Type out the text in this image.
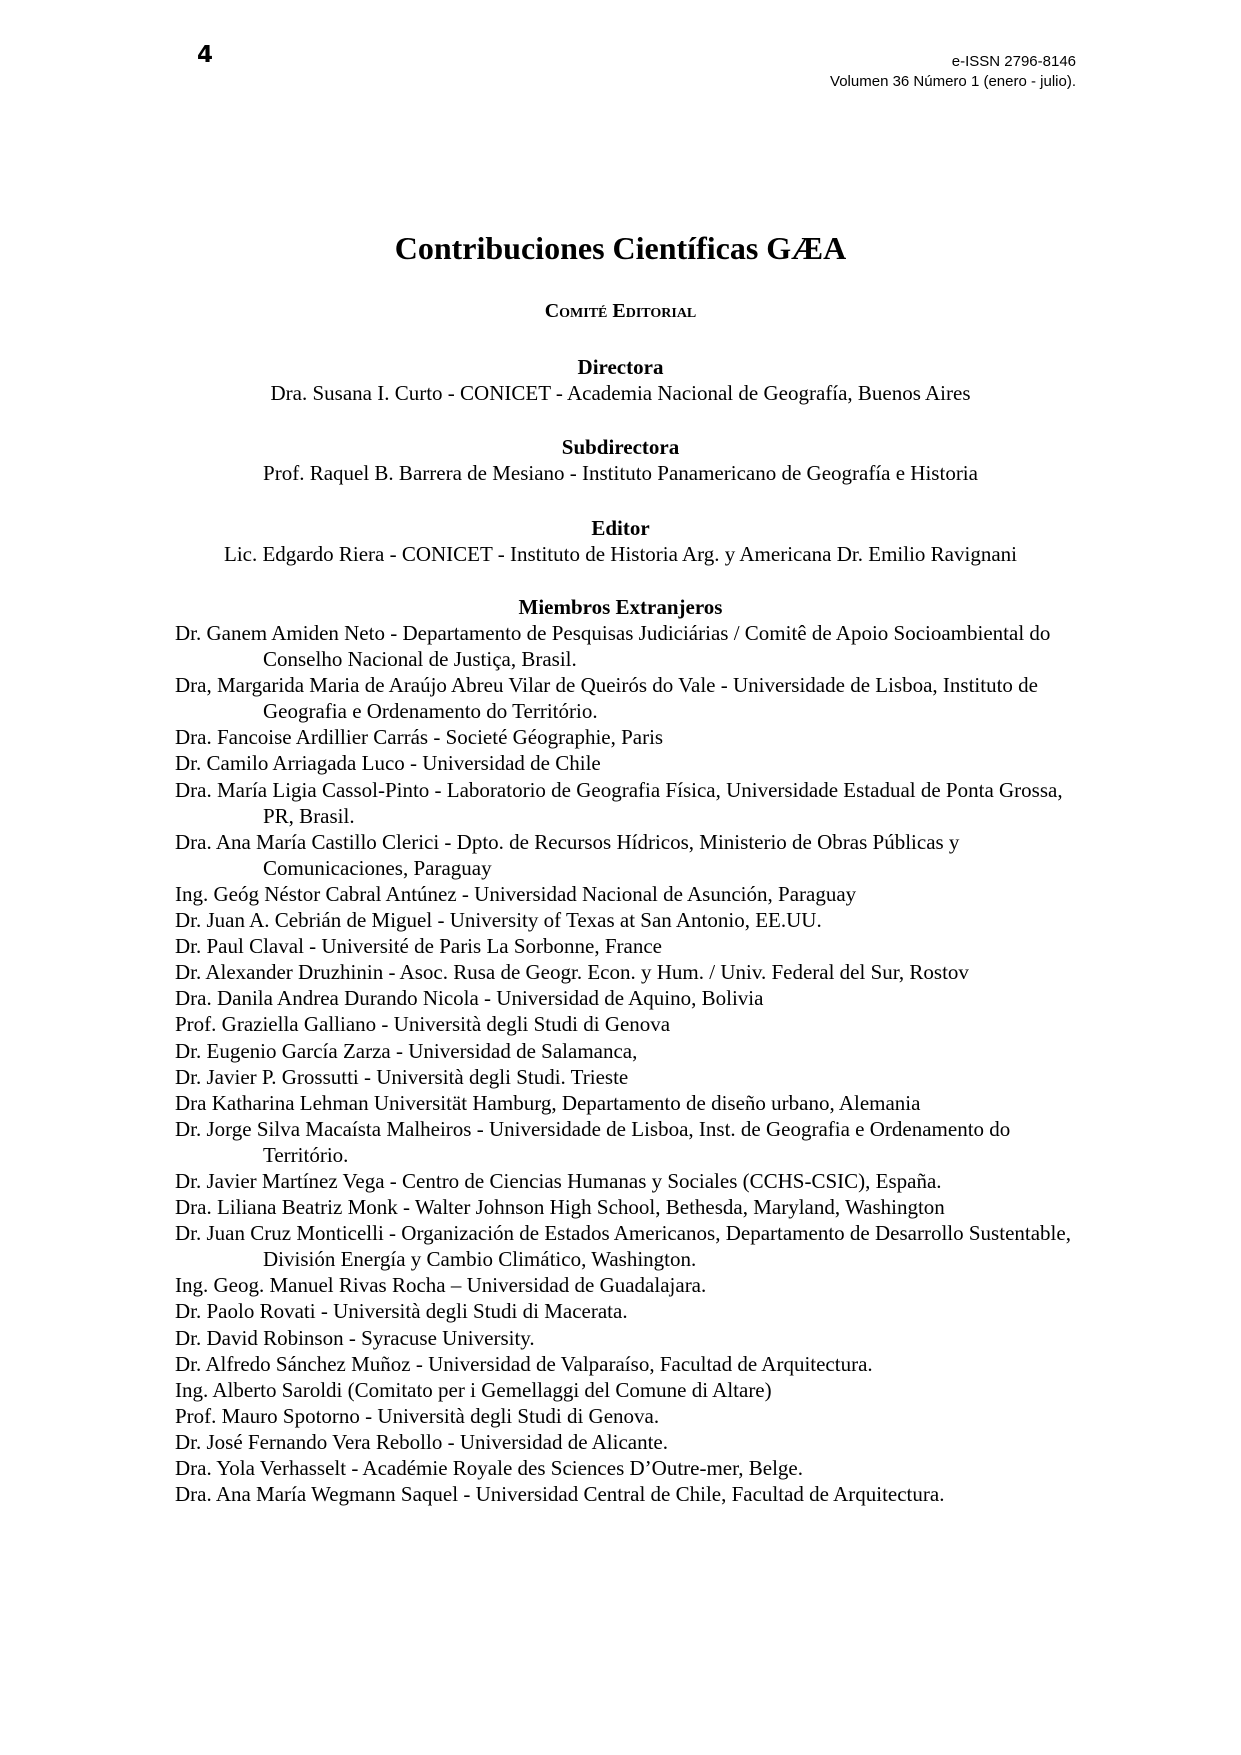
4	e-ISSN 2796-8146
Volumen 36 Número 1 (enero - julio).
Contribuciones Científicas GÆA
Comité Editorial
Directora
Dra. Susana I. Curto - CONICET - Academia Nacional de Geografía, Buenos Aires
Subdirectora
Prof. Raquel B. Barrera de Mesiano - Instituto Panamericano de Geografía e Historia
Editor
Lic. Edgardo Riera - CONICET - Instituto de Historia Arg. y Americana Dr. Emilio Ravignani
Miembros Extranjeros
Dr. Ganem Amiden Neto - Departamento de Pesquisas Judiciárias / Comitê de Apoio Socioambiental do Conselho Nacional de Justiça, Brasil.
Dra, Margarida Maria de Araújo Abreu Vilar de Queirós do Vale - Universidade de Lisboa, Instituto de Geografia e Ordenamento do Território.
Dra. Fancoise Ardillier Carrás - Societé Géographie, Paris
Dr. Camilo Arriagada Luco - Universidad de Chile
Dra. María Ligia Cassol-Pinto - Laboratorio de Geografia Física, Universidade Estadual de Ponta Grossa, PR, Brasil.
Dra. Ana María Castillo Clerici - Dpto. de Recursos Hídricos, Ministerio de Obras Públicas y Comunicaciones, Paraguay
Ing. Geóg Néstor Cabral Antúnez - Universidad Nacional de Asunción, Paraguay
Dr. Juan A. Cebrián de Miguel - University of Texas at San Antonio, EE.UU.
Dr. Paul Claval - Université de Paris La Sorbonne, France
Dr. Alexander Druzhinin - Asoc. Rusa de Geogr. Econ. y Hum. / Univ. Federal del Sur, Rostov
Dra. Danila Andrea Durando Nicola - Universidad de Aquino, Bolivia
Prof. Graziella Galliano - Università degli Studi di Genova
Dr. Eugenio García Zarza - Universidad de Salamanca,
Dr. Javier P. Grossutti - Università degli Studi. Trieste
Dra Katharina Lehman Universität Hamburg, Departamento de diseño urbano, Alemania
Dr. Jorge Silva Macaísta Malheiros - Universidade de Lisboa, Inst. de Geografia e Ordenamento do Território.
Dr. Javier Martínez Vega - Centro de Ciencias Humanas y Sociales (CCHS-CSIC), España.
Dra. Liliana Beatriz Monk - Walter Johnson High School, Bethesda, Maryland, Washington
Dr. Juan Cruz Monticelli - Organización de Estados Americanos, Departamento de Desarrollo Sustentable, División Energía y Cambio Climático, Washington.
Ing. Geog. Manuel Rivas Rocha – Universidad de Guadalajara.
Dr. Paolo Rovati - Università degli Studi di Macerata.
Dr. David Robinson - Syracuse University.
Dr. Alfredo Sánchez Muñoz - Universidad de Valparaíso, Facultad de Arquitectura.
Ing. Alberto Saroldi (Comitato per i Gemellaggi del Comune di Altare)
Prof. Mauro Spotorno - Università degli Studi di Genova.
Dr. José Fernando Vera Rebollo - Universidad de Alicante.
Dra. Yola Verhasselt - Académie Royale des Sciences D’Outre-mer, Belge.
Dra. Ana María Wegmann Saquel - Universidad Central de Chile, Facultad de Arquitectura.
